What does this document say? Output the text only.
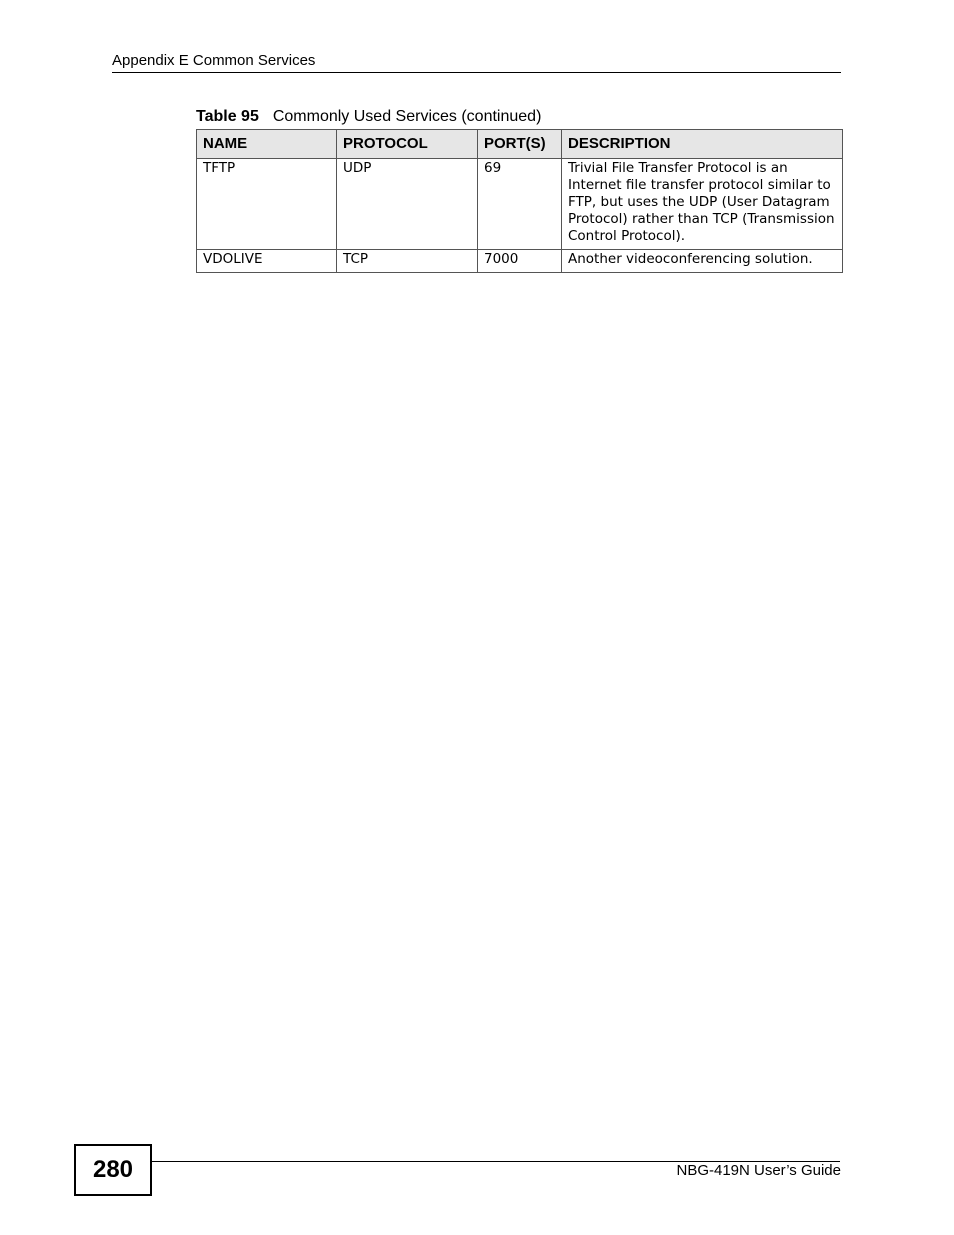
Appendix E Common Services
Table 95 Commonly Used Services (continued)
NAME	PROTOCOL	PORT(S)	DESCRIPTION
TFTP	UDP	69	Trivial File Transfer Protocol is an Internet file transfer protocol similar to FTP, but uses the UDP (User Datagram Protocol) rather than TCP (Transmission Control Protocol).
VDOLIVE	TCP	7000	Another videoconferencing solution.
280	NBG-419N User’s Guide
